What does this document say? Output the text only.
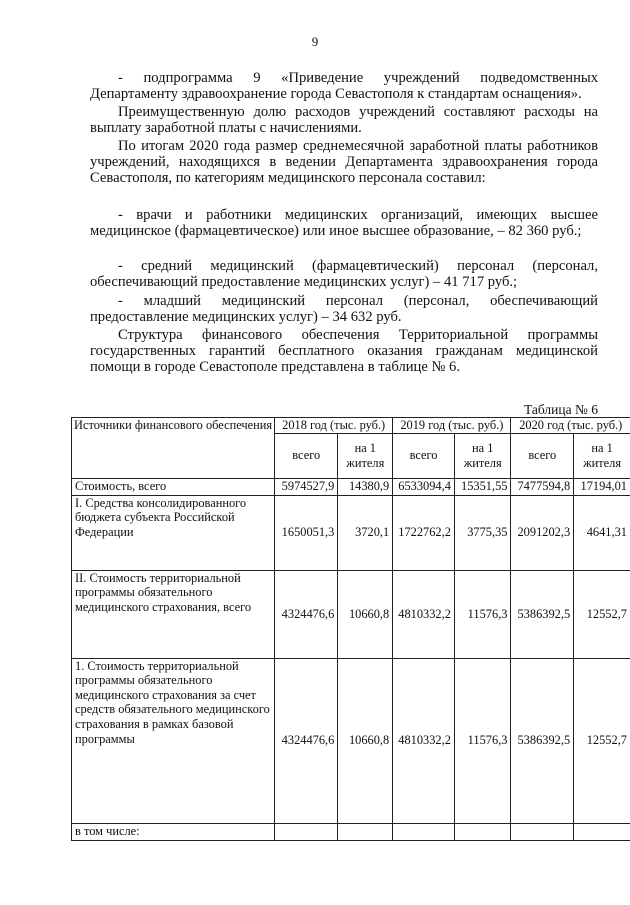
9

- подпрограмма 9 «Приведение учреждений подведомственных Департаменту здравоохранение города Севастополя к стандартам оснащения».

Преимущественную долю расходов учреждений составляют расходы на выплату заработной платы с начислениями.

По итогам 2020 года размер среднемесячной заработной платы работников учреждений, находящихся в ведении Департамента здравоохранения города Севастополя, по категориям медицинского персонала составил:

- врачи и работники медицинских организаций, имеющих высшее медицинское (фармацевтическое) или иное высшее образование, – 82 360 руб.;

- средний медицинский (фармацевтический) персонал (персонал, обеспечивающий предоставление медицинских услуг) – 41 717 руб.;

- младший медицинский персонал (персонал, обеспечивающий предоставление медицинских услуг) – 34 632 руб.

Структура финансового обеспечения Территориальной программы государственных гарантий бесплатного оказания гражданам медицинской помощи в городе Севастополе представлена в таблице № 6.

Таблица № 6
Источники финансового обеспечения	2018 год (тыс. руб.)		2019 год (тыс. руб.)		2020 год (тыс. руб.)	
	всего	на 1 жителя	всего	на 1 жителя	всего	на 1 жителя
Стоимость, всего	5974527,9	14380,9	6533094,4	15351,55	7477594,8	17194,01
I. Средства консолидированного бюджета субъекта Российской Федерации	1650051,3	3720,1	1722762,2	3775,35	2091202,3	4641,31
II. Стоимость территориальной программы обязательного медицинского страхования, всего	4324476,6	10660,8	4810332,2	11576,3	5386392,5	12552,7
1. Стоимость территориальной программы обязательного медицинского страхования за счет средств обязательного медицинского страхования в рамках базовой программы	4324476,6	10660,8	4810332,2	11576,3	5386392,5	12552,7
в том числе:						
